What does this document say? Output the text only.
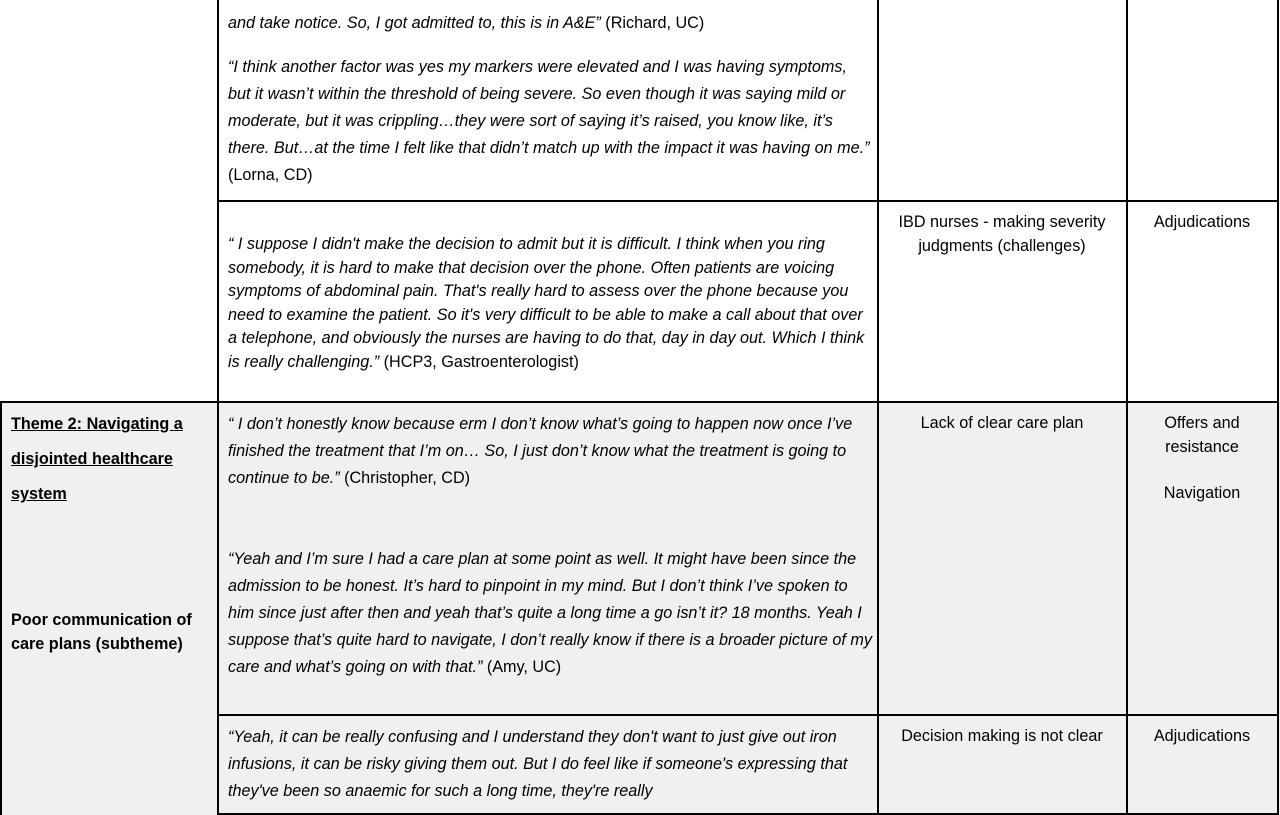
and take notice. So, I got admitted to, this is in A&E” (Richard, UC)

“I think another factor was yes my markers were elevated and I was having symptoms, but it wasn’t within the threshold of being severe. So even though it was saying mild or moderate, but it was crippling…they were sort of saying it’s raised, you know like, it’s there. But…at the time I felt like that didn’t match up with the impact it was having on me.” (Lorna, CD)

“ I suppose I didn't make the decision to admit but it is difficult. I think when you ring somebody, it is hard to make that decision over the phone. Often patients are voicing symptoms of abdominal pain. That's really hard to assess over the phone because you need to examine the patient. So it's very difficult to be able to make a call about that over a telephone, and obviously the nurses are having to do that, day in day out. Which I think is really challenging.” (HCP3, Gastroenterologist)

IBD nurses - making severity judgments (challenges)
Adjudications
Theme 2: Navigating a disjointed healthcare system
Poor communication of care plans (subtheme)

“ I don’t honestly know because erm I don’t know what’s going to happen now once I’ve finished the treatment that I’m on… So, I just don’t know what the treatment is going to continue to be.” (Christopher, CD)

“Yeah and I’m sure I had a care plan at some point as well. It might have been since the admission to be honest. It’s hard to pinpoint in my mind. But I don’t think I’ve spoken to him since just after then and yeah that’s quite a long time a go isn’t it? 18 months. Yeah I suppose that’s quite hard to navigate, I don’t really know if there is a broader picture of my care and what’s going on with that.” (Amy, UC)

Lack of clear care plan	Offers and resistance
Navigation

“Yeah, it can be really confusing and I understand they don't want to just give out iron infusions, it can be risky giving them out. But I do feel like if someone's expressing that they've been so anaemic for such a long time, they're really

Decision making is not clear	Adjudications
